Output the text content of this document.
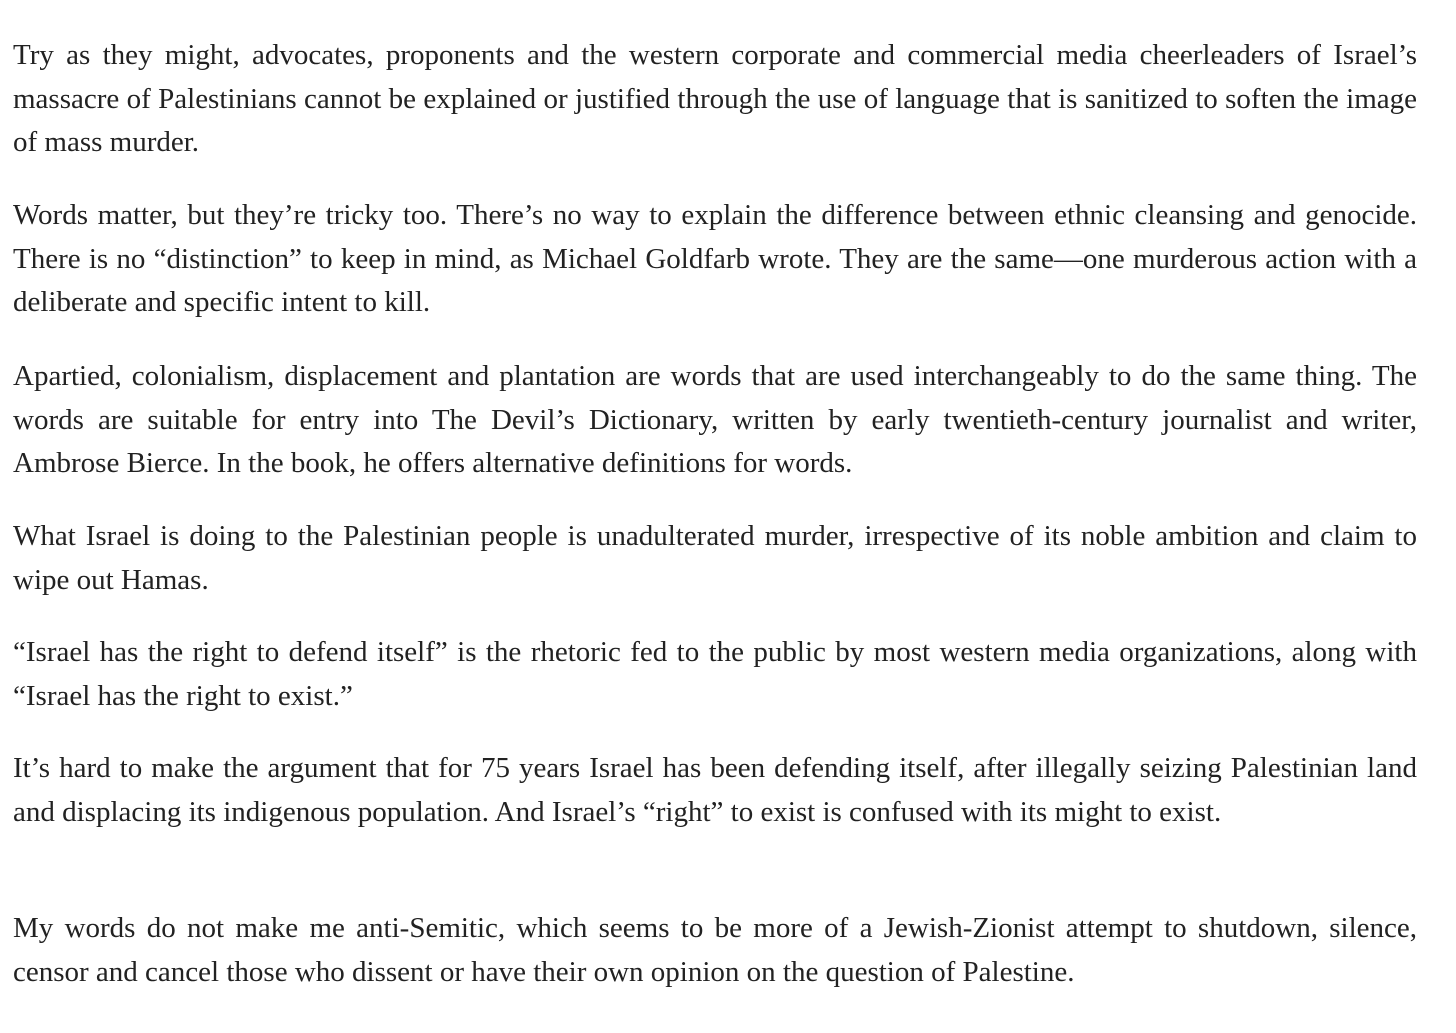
Try as they might, advocates, proponents and the western corporate and commercial media cheerleaders of Israel’s massacre of Palestinians cannot be explained or justified through the use of language that is sanitized to soften the image of mass murder.

Words matter, but they’re tricky too. There’s no way to explain the difference between ethnic cleansing and genocide. There is no “distinction” to keep in mind, as Michael Goldfarb wrote. They are the same—one murderous action with a deliberate and specific intent to kill.

Apartied, colonialism, displacement and plantation are words that are used interchangeably to do the same thing. The words are suitable for entry into The Devil’s Dictionary, written by early twentieth-century journalist and writer, Ambrose Bierce. In the book, he offers alternative definitions for words.

What Israel is doing to the Palestinian people is unadulterated murder, irrespective of its noble ambition and claim to wipe out Hamas.

“Israel has the right to defend itself” is the rhetoric fed to the public by most western media organizations, along with “Israel has the right to exist.”

It’s hard to make the argument that for 75 years Israel has been defending itself, after illegally seizing Palestinian land and displacing its indigenous population. And Israel’s “right” to exist is confused with its might to exist.

My words do not make me anti-Semitic, which seems to be more of a Jewish-Zionist attempt to shutdown, silence, censor and cancel those who dissent or have their own opinion on the question of Palestine.
